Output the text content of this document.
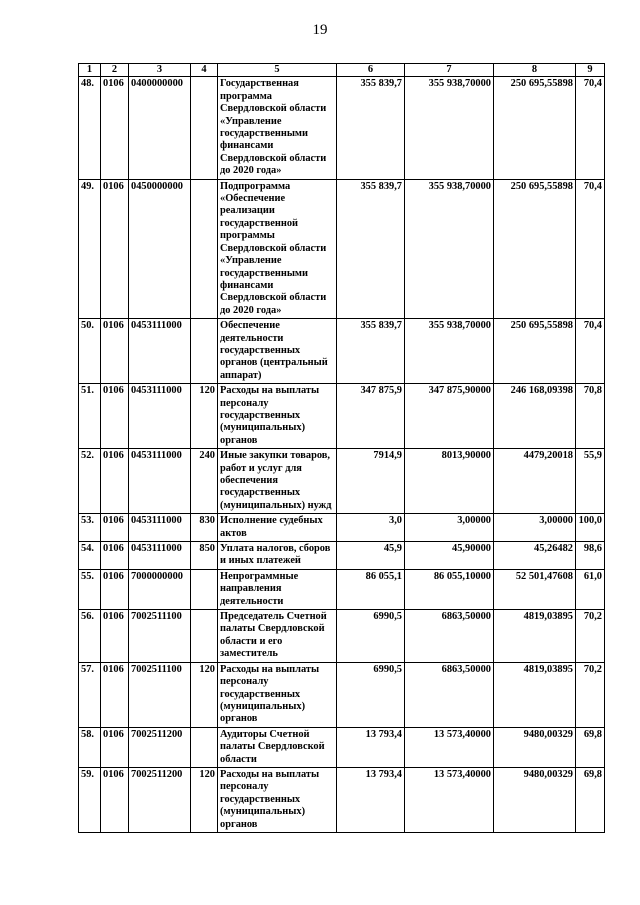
19
1	2	3	4	5	6	7	8	9
48.	0106	0400000000		Государственная программа Свердловской области «Управление государственными финансами Свердловской области до 2020 года»	355 839,7	355 938,70000	250 695,55898	70,4
49.	0106	0450000000		Подпрограмма «Обеспечение реализации государственной программы Свердловской области «Управление государственными финансами Свердловской области до 2020 года»	355 839,7	355 938,70000	250 695,55898	70,4
50.	0106	0453111000		Обеспечение деятельности государственных органов (центральный аппарат)	355 839,7	355 938,70000	250 695,55898	70,4
51.	0106	0453111000	120	Расходы на выплаты персоналу государственных (муниципальных) органов	347 875,9	347 875,90000	246 168,09398	70,8
52.	0106	0453111000	240	Иные закупки товаров, работ и услуг для обеспечения государственных (муниципальных) нужд	7914,9	8013,90000	4479,20018	55,9
53.	0106	0453111000	830	Исполнение судебных актов	3,0	3,00000	3,00000	100,0
54.	0106	0453111000	850	Уплата налогов, сборов и иных платежей	45,9	45,90000	45,26482	98,6
55.	0106	7000000000		Непрограммные направления деятельности	86 055,1	86 055,10000	52 501,47608	61,0
56.	0106	7002511100		Председатель Счетной палаты Свердловской области и его заместитель	6990,5	6863,50000	4819,03895	70,2
57.	0106	7002511100	120	Расходы на выплаты персоналу государственных (муниципальных) органов	6990,5	6863,50000	4819,03895	70,2
58.	0106	7002511200		Аудиторы Счетной палаты Свердловской области	13 793,4	13 573,40000	9480,00329	69,8
59.	0106	7002511200	120	Расходы на выплаты персоналу государственных (муниципальных) органов	13 793,4	13 573,40000	9480,00329	69,8
